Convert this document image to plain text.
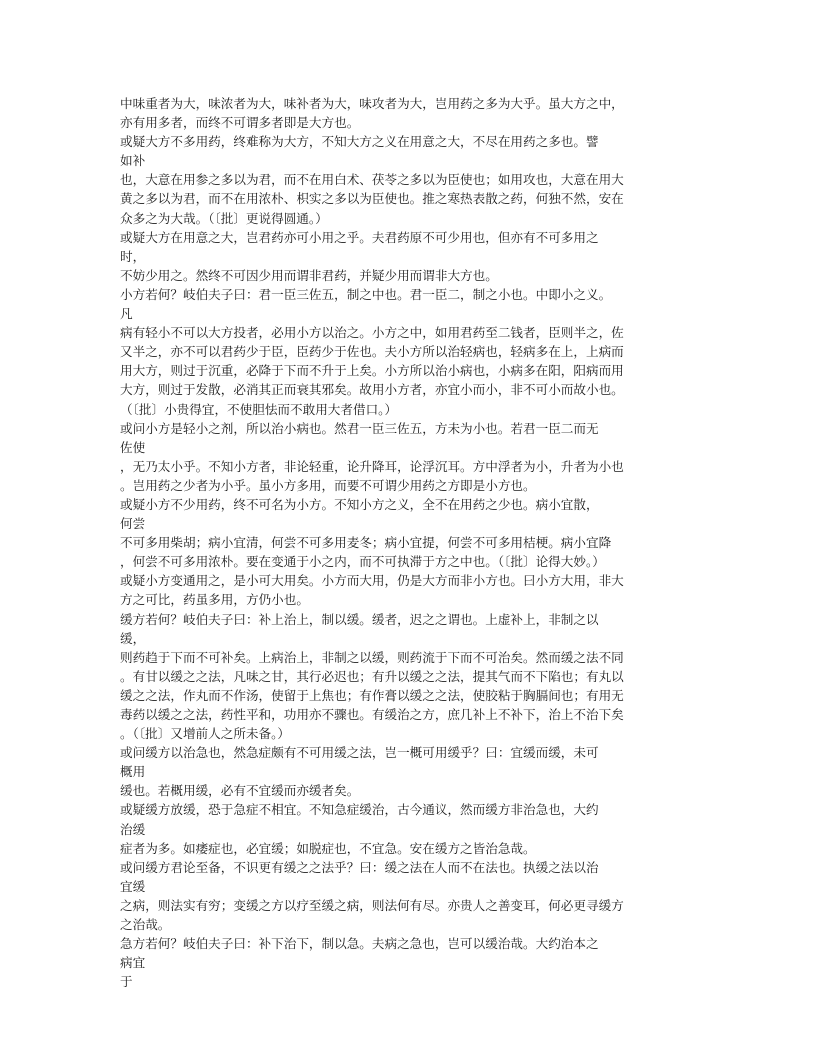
中味重者为大，味浓者为大，味补者为大，味攻者为大，岂用药之多为大乎。虽大方之中，
亦有用多者，而终不可谓多者即是大方也。
或疑大方不多用药，终难称为大方，不知大方之义在用意之大，不尽在用药之多也。譬
如补
也，大意在用参之多以为君，而不在用白术、茯苓之多以为臣使也；如用攻也，大意在用大
黄之多以为君，而不在用浓朴、枳实之多以为臣使也。推之寒热表散之药，何独不然，安在
众多之为大哉。（〔批〕更说得圆通。）
或疑大方在用意之大，岂君药亦可小用之乎。夫君药原不可少用也，但亦有不可多用之
时，
不妨少用之。然终不可因少用而谓非君药，并疑少用而谓非大方也。
小方若何？岐伯夫子曰：君一臣三佐五，制之中也。君一臣二，制之小也。中即小之义。
凡
病有轻小不可以大方投者，必用小方以治之。小方之中，如用君药至二钱者，臣则半之，佐
又半之，亦不可以君药少于臣，臣药少于佐也。夫小方所以治轻病也，轻病多在上，上病而
用大方，则过于沉重，必降于下而不升于上矣。小方所以治小病也，小病多在阳，阳病而用
大方，则过于发散，必消其正而衰其邪矣。故用小方者，亦宜小而小，非不可小而故小也。
（〔批〕小贵得宜，不使胆怯而不敢用大者借口。）
或问小方是轻小之剂，所以治小病也。然君一臣三佐五，方未为小也。若君一臣二而无
佐使
，无乃太小乎。不知小方者，非论轻重，论升降耳，论浮沉耳。方中浮者为小，升者为小也
。岂用药之少者为小乎。虽小方多用，而要不可谓少用药之方即是小方也。
或疑小方不少用药，终不可名为小方。不知小方之义，全不在用药之少也。病小宜散，
何尝
不可多用柴胡；病小宜清，何尝不可多用麦冬；病小宜提，何尝不可多用桔梗。病小宜降
，何尝不可多用浓朴。要在变通于小之内，而不可执滞于方之中也。（〔批〕论得大妙。）
或疑小方变通用之，是小可大用矣。小方而大用，仍是大方而非小方也。曰小方大用，非大
方之可比，药虽多用，方仍小也。
缓方若何？岐伯夫子曰：补上治上，制以缓。缓者，迟之之谓也。上虚补上，非制之以
缓，
则药趋于下而不可补矣。上病治上，非制之以缓，则药流于下而不可治矣。然而缓之法不同
。有甘以缓之之法，凡味之甘，其行必迟也；有升以缓之之法，提其气而不下陷也；有丸以
缓之之法，作丸而不作汤，使留于上焦也；有作膏以缓之之法，使胶粘于胸膈间也；有用无
毒药以缓之之法，药性平和，功用亦不骤也。有缓治之方，庶几补上不补下，治上不治下矣
。（〔批〕又增前人之所未备。）
或问缓方以治急也，然急症颇有不可用缓之法，岂一概可用缓乎？曰：宜缓而缓，未可
概用
缓也。若概用缓，必有不宜缓而亦缓者矣。
或疑缓方放缓，恐于急症不相宜。不知急症缓治，古今通议，然而缓方非治急也，大约
治缓
症者为多。如痿症也，必宜缓；如脱症也，不宜急。安在缓方之皆治急哉。
或问缓方君论至备，不识更有缓之之法乎？曰：缓之法在人而不在法也。执缓之法以治
宜缓
之病，则法实有穷；变缓之方以疗至缓之病，则法何有尽。亦贵人之善变耳，何必更寻缓方
之治哉。
急方若何？岐伯夫子曰：补下治下，制以急。夫病之急也，岂可以缓治哉。大约治本之
病宜
于
